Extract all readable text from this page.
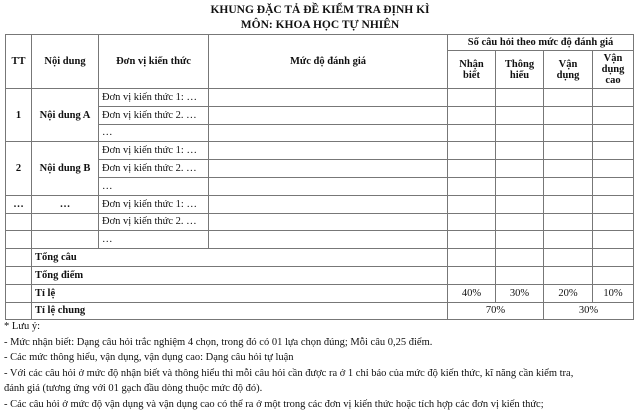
KHUNG ĐẶC TẢ ĐỀ KIỂM TRA ĐỊNH KÌ
MÔN: KHOA HỌC TỰ NHIÊN
TT	Nội dung	Đơn vị kiến thức	Mức độ đánh giá	Số câu hỏi theo mức độ đánh giá			
				Nhận biết	Thông hiểu	Vận dụng	Vận dụng cao
1	Nội dung A	Đơn vị kiến thức 1: …					
		Đơn vị kiến thức 2. …					
		…					
2	Nội dung B	Đơn vị kiến thức 1: …					
		Đơn vị kiến thức 2. …					
		…					
…	…	Đơn vị kiến thức 1: …					
		Đơn vị kiến thức 2. …					
		…					
	Tổng câu						
	Tổng điểm						
	Tỉ lệ			40%	30%	20%	10%
	Tỉ lệ chung			70%		30%	
* Lưu ý:
- Mức nhận biết: Dạng câu hỏi trắc nghiệm 4 chọn, trong đó có 01 lựa chọn đúng; Mỗi câu 0,25 điểm.
- Các mức thông hiểu, vận dụng, vận dụng cao: Dạng câu hỏi tự luận
- Với các câu hỏi ở mức độ nhận biết và thông hiểu thì mỗi câu hỏi cần được ra ở 1 chỉ báo của mức độ kiến thức, kĩ năng cần kiểm tra,
đánh giá (tương ứng với 01 gạch đầu dòng thuộc mức độ đó).
- Các câu hỏi ở mức độ vận dụng và vận dụng cao có thể ra ở một trong các đơn vị kiến thức hoặc tích hợp các đơn vị kiến thức;
